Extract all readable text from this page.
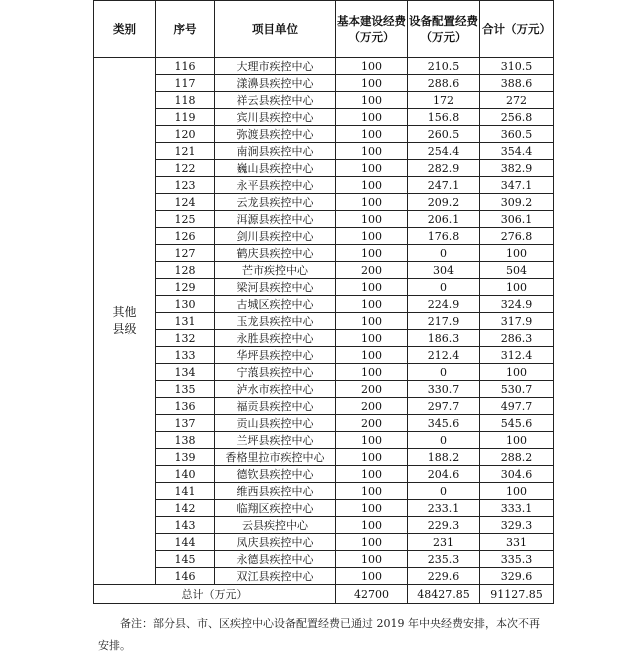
类别	序号	项目单位	基本建设经费（万元）	设备配置经费（万元）	合计（万元）
其他县级	116	大理市疾控中心	100	210.5	310.5
	117	漾濞县疾控中心	100	288.6	388.6
	118	祥云县疾控中心	100	172	272
	119	宾川县疾控中心	100	156.8	256.8
	120	弥渡县疾控中心	100	260.5	360.5
	121	南涧县疾控中心	100	254.4	354.4
	122	巍山县疾控中心	100	282.9	382.9
	123	永平县疾控中心	100	247.1	347.1
	124	云龙县疾控中心	100	209.2	309.2
	125	洱源县疾控中心	100	206.1	306.1
	126	剑川县疾控中心	100	176.8	276.8
	127	鹤庆县疾控中心	100	0	100
	128	芒市疾控中心	200	304	504
	129	梁河县疾控中心	100	0	100
	130	古城区疾控中心	100	224.9	324.9
	131	玉龙县疾控中心	100	217.9	317.9
	132	永胜县疾控中心	100	186.3	286.3
	133	华坪县疾控中心	100	212.4	312.4
	134	宁蒗县疾控中心	100	0	100
	135	泸水市疾控中心	200	330.7	530.7
	136	福贡县疾控中心	200	297.7	497.7
	137	贡山县疾控中心	200	345.6	545.6
	138	兰坪县疾控中心	100	0	100
	139	香格里拉市疾控中心	100	188.2	288.2
	140	德钦县疾控中心	100	204.6	304.6
	141	维西县疾控中心	100	0	100
	142	临翔区疾控中心	100	233.1	333.1
	143	云县疾控中心	100	229.3	329.3
	144	凤庆县疾控中心	100	231	331
	145	永德县疾控中心	100	235.3	335.3
	146	双江县疾控中心	100	229.6	329.6
总计（万元）			42700	48427.85	91127.85
备注：部分县、市、区疾控中心设备配置经费已通过 2019 年中央经费安排，本次不再安排。
